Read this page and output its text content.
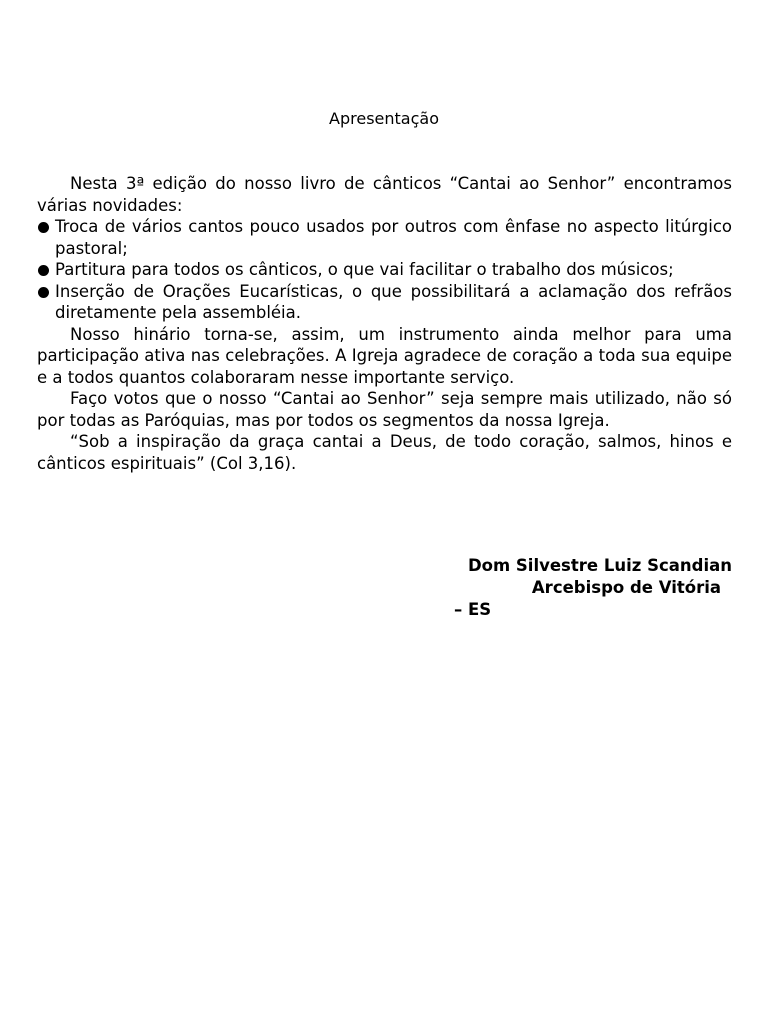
Apresentação

Nesta 3ª edição do nosso livro de cânticos “Cantai ao Senhor” encontramos várias novidades:

Troca de vários cantos pouco usados por outros com ênfase no aspecto litúrgico pastoral;
Partitura para todos os cânticos, o que vai facilitar o trabalho dos músicos;
Inserção de Orações Eucarísticas, o que possibilitará a aclamação dos refrãos diretamente pela assembléia.

Nosso hinário torna-se, assim, um instrumento ainda melhor para uma participação ativa nas celebrações. A Igreja agradece de coração a toda sua equipe e a todos quantos colaboraram nesse importante serviço.

Faço votos que o nosso “Cantai ao Senhor” seja sempre mais utilizado, não só por todas as Paróquias, mas por todos os segmentos da nossa Igreja.

“Sob a inspiração da graça cantai a Deus, de todo coração, salmos, hinos e cânticos espirituais” (Col 3,16).

Dom Silvestre Luiz Scandian
Arcebispo de Vitória
– ES
